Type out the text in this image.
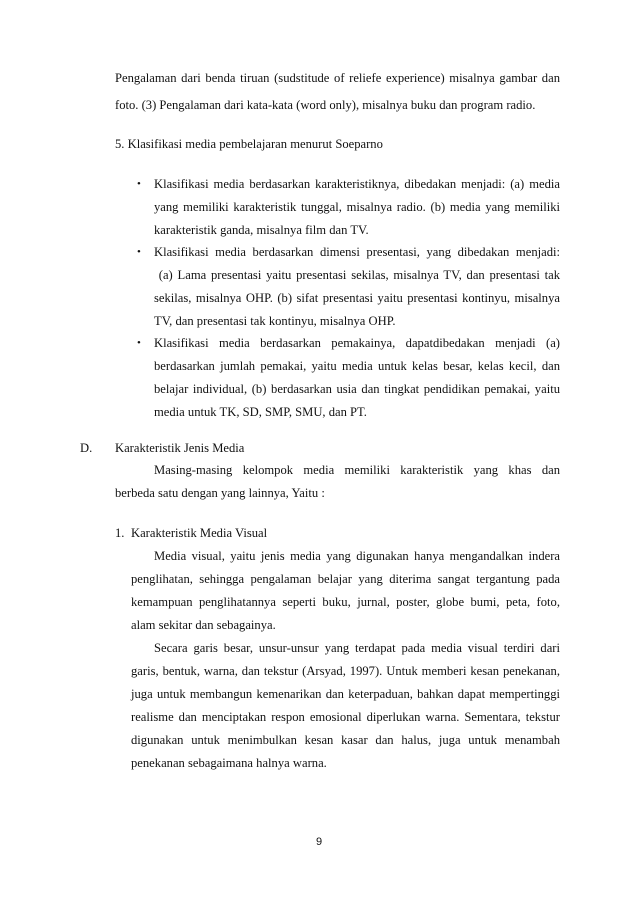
Pengalaman dari benda tiruan (sudstitude of reliefe experience) misalnya gambar dan
foto. (3) Pengalaman dari kata-kata (word only), misalnya buku dan program radio.
5. Klasifikasi media pembelajaran menurut Soeparno
• Klasifikasi media berdasarkan karakteristiknya, dibedakan menjadi: (a) media
yang memiliki karakteristik tunggal, misalnya radio. (b) media yang memiliki
karakteristik ganda, misalnya film dan TV.
• Klasifikasi media berdasarkan dimensi presentasi, yang dibedakan menjadi:
(a) Lama presentasi yaitu presentasi sekilas, misalnya TV, dan presentasi tak
sekilas, misalnya OHP. (b) sifat presentasi yaitu presentasi kontinyu, misalnya
TV, dan presentasi tak kontinyu, misalnya OHP.
• Klasifikasi media berdasarkan pemakainya, dapatdibedakan menjadi (a)
berdasarkan jumlah pemakai, yaitu media untuk kelas besar, kelas kecil, dan
belajar individual, (b) berdasarkan usia dan tingkat pendidikan pemakai, yaitu
media untuk TK, SD, SMP, SMU, dan PT.
D. Karakteristik Jenis Media
Masing-masing kelompok media memiliki karakteristik yang khas dan
berbeda satu dengan yang lainnya, Yaitu :
1. Karakteristik Media Visual
Media visual, yaitu jenis media yang digunakan hanya mengandalkan indera
penglihatan, sehingga pengalaman belajar yang diterima sangat tergantung pada
kemampuan penglihatannya seperti buku, jurnal, poster, globe bumi, peta, foto,
alam sekitar dan sebagainya.
Secara garis besar, unsur-unsur yang terdapat pada media visual terdiri dari
garis, bentuk, warna, dan tekstur (Arsyad, 1997). Untuk memberi kesan penekanan,
juga untuk membangun kemenarikan dan keterpaduan, bahkan dapat mempertinggi
realisme dan menciptakan respon emosional diperlukan warna. Sementara, tekstur
digunakan untuk menimbulkan kesan kasar dan halus, juga untuk menambah
penekanan sebagaimana halnya warna.
9
